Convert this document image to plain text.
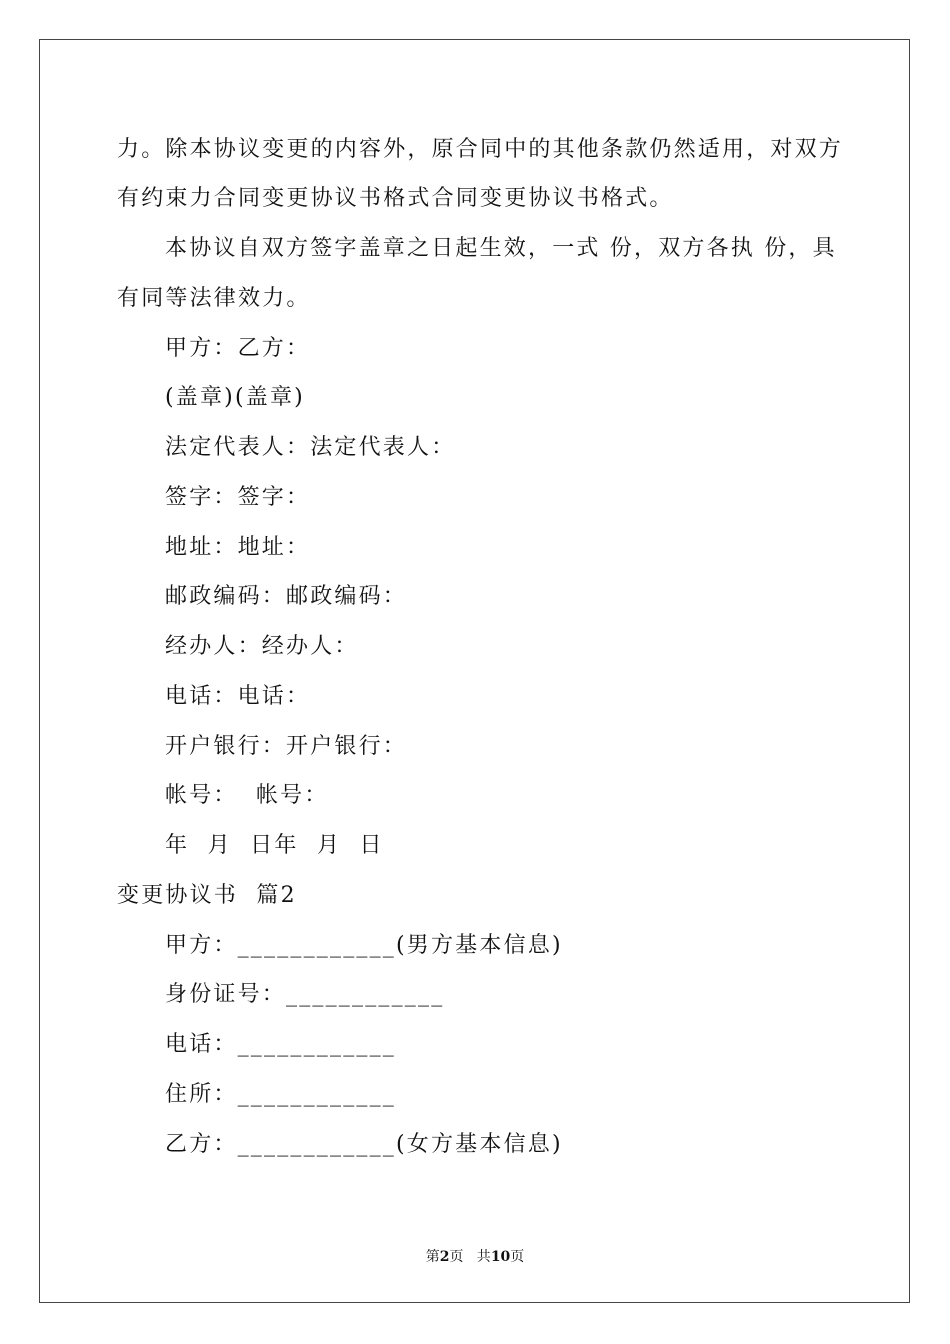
力。除本协议变更的内容外，原合同中的其他条款仍然适用，对双方
有约束力合同变更协议书格式合同变更协议书格式。
本协议自双方签字盖章之日起生效，一式 份，双方各执 份，具
有同等法律效力。
甲方：乙方：
(盖章)(盖章)
法定代表人：法定代表人：
签字：签字：
地址：地址：
邮政编码：邮政编码：
经办人：经办人：
电话：电话：
开户银行：开户银行：
帐号：  帐号：
年  月  日年  月  日
变更协议书  篇2
甲方：____________(男方基本信息)
身份证号：____________
电话：____________
住所：____________
乙方：____________(女方基本信息)
第2页   共10页
